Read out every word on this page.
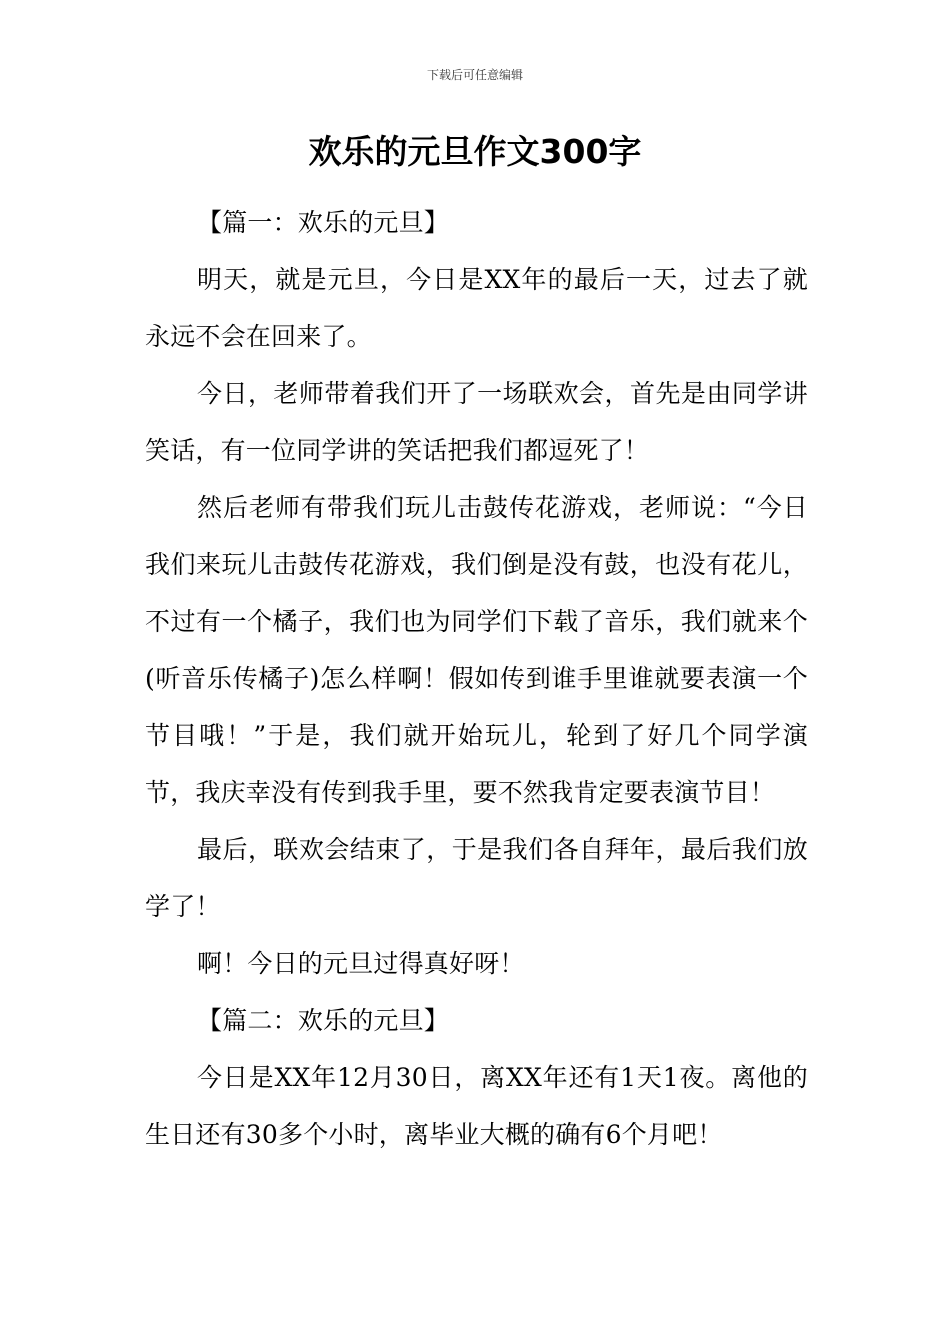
下载后可任意编辑
欢乐的元旦作文300字

【篇一：欢乐的元旦】

明天，就是元旦，今日是XX年的最后一天，过去了就永远不会在回来了。

今日，老师带着我们开了一场联欢会，首先是由同学讲笑话，有一位同学讲的笑话把我们都逗死了！

然后老师有带我们玩儿击鼓传花游戏，老师说：“今日我们来玩儿击鼓传花游戏，我们倒是没有鼓，也没有花儿，不过有一个橘子，我们也为同学们下载了音乐，我们就来个(听音乐传橘子)怎么样啊！假如传到谁手里谁就要表演一个节目哦！”于是，我们就开始玩儿，轮到了好几个同学演节，我庆幸没有传到我手里，要不然我肯定要表演节目！

最后，联欢会结束了，于是我们各自拜年，最后我们放学了！

啊！今日的元旦过得真好呀！

【篇二：欢乐的元旦】

今日是XX年12月30日，离XX年还有1天1夜。离他的生日还有30多个小时，离毕业大概的确有6个月吧！
